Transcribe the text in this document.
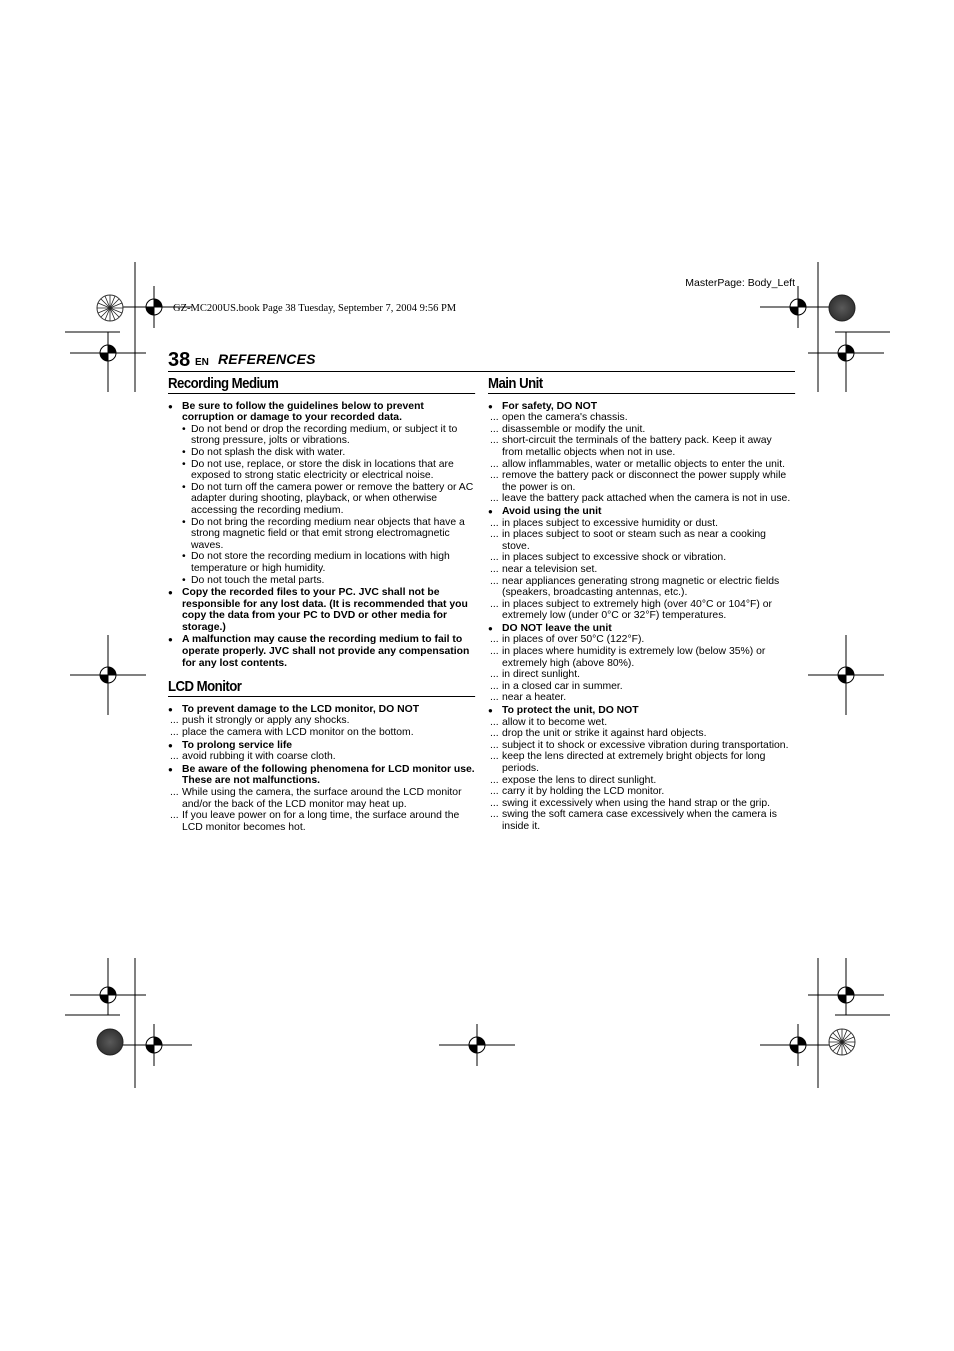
MasterPage: Body_Left
GZ-MC200US.book Page 38 Tuesday, September 7, 2004 9:56 PM
38 EN REFERENCES
Recording Medium
● Be sure to follow the guidelines below to prevent corruption or damage to your recorded data.
• Do not bend or drop the recording medium, or subject it to strong pressure, jolts or vibrations.
• Do not splash the disk with water.
• Do not use, replace, or store the disk in locations that are exposed to strong static electricity or electrical noise.
• Do not turn off the camera power or remove the battery or AC adapter during shooting, playback, or when otherwise accessing the recording medium.
• Do not bring the recording medium near objects that have a strong magnetic field or that emit strong electromagnetic waves.
• Do not store the recording medium in locations with high temperature or high humidity.
• Do not touch the metal parts.
● Copy the recorded files to your PC. JVC shall not be responsible for any lost data. (It is recommended that you copy the data from your PC to DVD or other media for storage.)
● A malfunction may cause the recording medium to fail to operate properly. JVC shall not provide any compensation for any lost contents.
LCD Monitor
● To prevent damage to the LCD monitor, DO NOT
... push it strongly or apply any shocks.
... place the camera with LCD monitor on the bottom.
● To prolong service life
... avoid rubbing it with coarse cloth.
● Be aware of the following phenomena for LCD monitor use. These are not malfunctions.
... While using the camera, the surface around the LCD monitor and/or the back of the LCD monitor may heat up.
... If you leave power on for a long time, the surface around the LCD monitor becomes hot.
Main Unit
● For safety, DO NOT
... open the camera's chassis.
... disassemble or modify the unit.
... short-circuit the terminals of the battery pack. Keep it away from metallic objects when not in use.
... allow inflammables, water or metallic objects to enter the unit.
... remove the battery pack or disconnect the power supply while the power is on.
... leave the battery pack attached when the camera is not in use.
● Avoid using the unit
... in places subject to excessive humidity or dust.
... in places subject to soot or steam such as near a cooking stove.
... in places subject to excessive shock or vibration.
... near a television set.
... near appliances generating strong magnetic or electric fields (speakers, broadcasting antennas, etc.).
... in places subject to extremely high (over 40°C or 104°F) or extremely low (under 0°C or 32°F) temperatures.
● DO NOT leave the unit
... in places of over 50°C (122°F).
... in places where humidity is extremely low (below 35%) or extremely high (above 80%).
... in direct sunlight.
... in a closed car in summer.
... near a heater.
● To protect the unit, DO NOT
... allow it to become wet.
... drop the unit or strike it against hard objects.
... subject it to shock or excessive vibration during transportation.
... keep the lens directed at extremely bright objects for long periods.
... expose the lens to direct sunlight.
... carry it by holding the LCD monitor.
... swing it excessively when using the hand strap or the grip.
... swing the soft camera case excessively when the camera is inside it.
